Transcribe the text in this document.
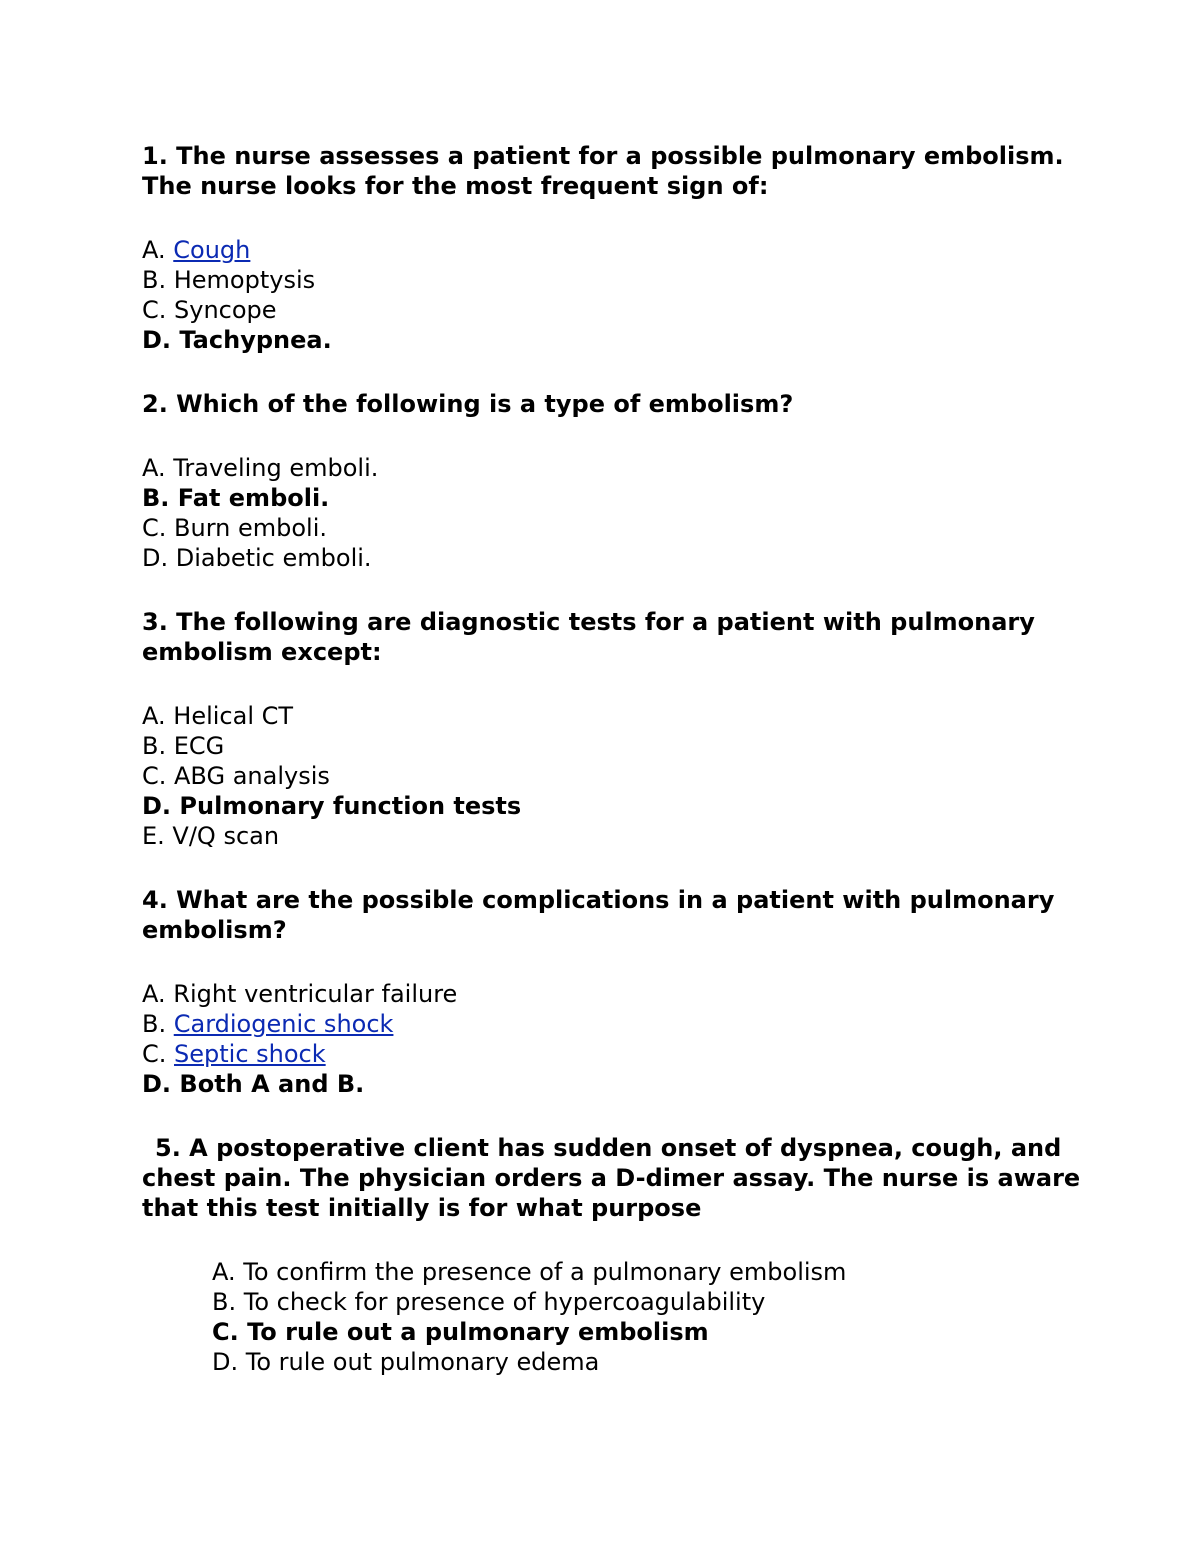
1. The nurse assesses a patient for a possible pulmonary embolism. The nurse looks for the most frequent sign of:

A. Cough

B. Hemoptysis

C. Syncope

D. Tachypnea.

2. Which of the following is a type of embolism?

A. Traveling emboli.

B. Fat emboli.

C. Burn emboli.

D. Diabetic emboli.

3. The following are diagnostic tests for a patient with pulmonary embolism except:

A. Helical CT

B. ECG

C. ABG analysis

D. Pulmonary function tests

E. V/Q scan

4. What are the possible complications in a patient with pulmonary embolism?

A. Right ventricular failure

B. Cardiogenic shock

C. Septic shock

D. Both A and B.

5. A postoperative client has sudden onset of dyspnea, cough, and chest pain. The physician orders a D-dimer assay. The nurse is aware that this test initially is for what purpose

A. To confirm the presence of a pulmonary embolism

B. To check for presence of hypercoagulability

C. To rule out a pulmonary embolism

D. To rule out pulmonary edema
